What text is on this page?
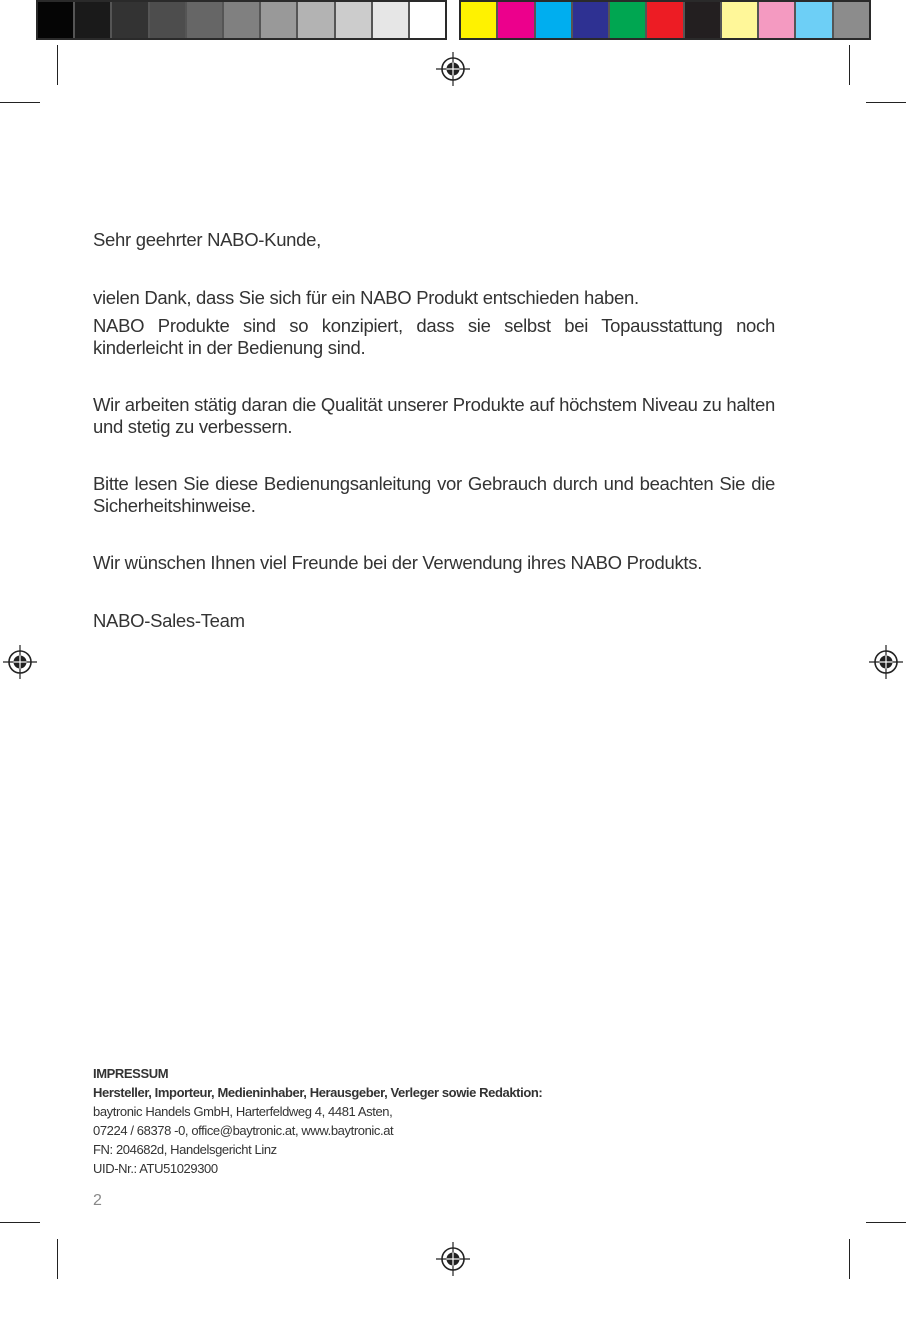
Sehr geehrter NABO-Kunde,

vielen Dank, dass Sie sich für ein NABO Produkt entschieden haben.

NABO Produkte sind so konzipiert, dass sie selbst bei Topausstattung noch kinderleicht in der Bedienung sind.

Wir arbeiten stätig daran die Qualität unserer Produkte auf höchstem Niveau zu halten und stetig zu verbessern.

Bitte lesen Sie diese Bedienungsanleitung vor Gebrauch durch und beachten Sie die Sicherheitshinweise.

Wir wünschen Ihnen viel Freunde bei der Verwendung ihres NABO Produkts.

NABO-Sales-Team

IMPRESSUM
Hersteller, Importeur, Medieninhaber, Herausgeber, Verleger sowie Redaktion:
baytronic Handels GmbH, Harterfeldweg 4, 4481 Asten,
07224 / 68378 -0, office@baytronic.at, www.baytronic.at
FN: 204682d, Handelsgericht Linz
UID-Nr.: ATU51029300
2
